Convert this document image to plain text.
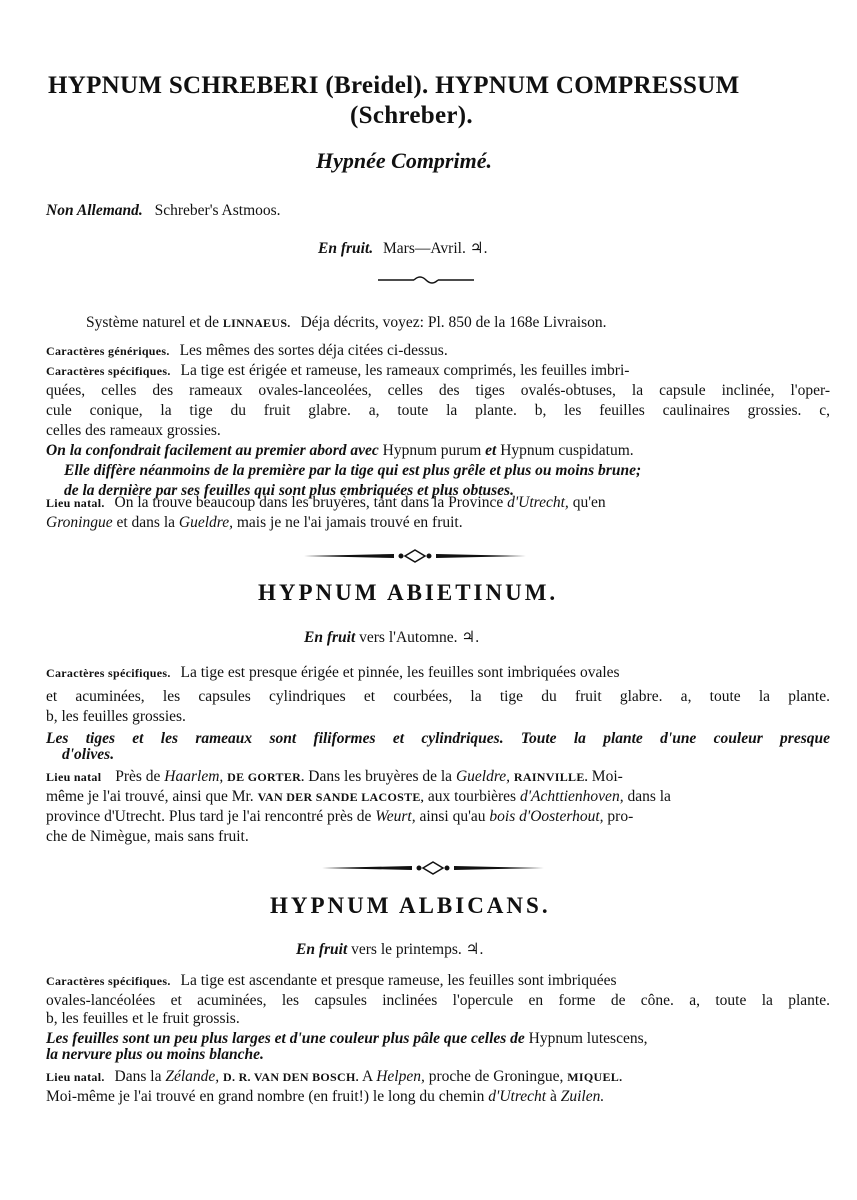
HYPNUM SCHREBERI (Breidel). HYPNUM COMPRESSUM
(Schreber).
Hypnée Comprimé.
Non Allemand. Schreber's Astmoos.
En fruit. Mars—Avril. ♃.
Système naturel et de LINNAEUS. Déja décrits, voyez: Pl. 850 de la 168e Livraison.
Caractères génériques. Les mêmes des sortes déja citées ci-dessus.
Caractères spécifiques. La tige est érigée et rameuse, les rameaux comprimés, les feuilles imbri-
quées, celles des rameaux ovales-lanceolées, celles des tiges ovalés-obtuses, la capsule inclinée, l'oper-
cule conique, la tige du fruit glabre. a, toute la plante. b, les feuilles caulinaires grossies. c,
celles des rameaux grossies.
On la confondrait facilement au premier abord avec Hypnum purum et Hypnum cuspidatum.
Elle diffère néanmoins de la première par la tige qui est plus grêle et plus ou moins brune;
de la dernière par ses feuilles qui sont plus embriquées et plus obtuses.
Lieu natal. On la trouve beaucoup dans les bruyères, tant dans la Province d'Utrecht, qu'en
Groningue et dans la Gueldre, mais je ne l'ai jamais trouvé en fruit.
HYPNUM ABIETINUM.
En fruit vers l'Automne. ♃.
Caractères spécifiques. La tige est presque érigée et pinnée, les feuilles sont imbriquées ovales
et acuminées, les capsules cylindriques et courbées, la tige du fruit glabre. a, toute la plante.
b, les feuilles grossies.
Les tiges et les rameaux sont filiformes et cylindriques. Toute la plante d'une couleur presque
d'olives.
Lieu natal Près de Haarlem, DE GORTER. Dans les bruyères de la Gueldre, RAINVILLE. Moi-
même je l'ai trouvé, ainsi que Mr. VAN DER SANDE LACOSTE, aux tourbières d'Achttienhoven, dans la
province d'Utrecht. Plus tard je l'ai rencontré près de Weurt, ainsi qu'au bois d'Oosterhout, pro-
che de Nimègue, mais sans fruit.
HYPNUM ALBICANS.
En fruit vers le printemps. ♃.
Caractères spécifiques. La tige est ascendante et presque rameuse, les feuilles sont imbriquées
ovales-lancéolées et acuminées, les capsules inclinées l'opercule en forme de cône. a, toute la plante.
b, les feuilles et le fruit grossis.
Les feuilles sont un peu plus larges et d'une couleur plus pâle que celles de Hypnum lutescens,
la nervure plus ou moins blanche.
Lieu natal. Dans la Zélande, D. R. VAN DEN BOSCH. A Helpen, proche de Groningue, MIQUEL.
Moi-même je l'ai trouvé en grand nombre (en fruit!) le long du chemin d'Utrecht à Zuilen.
